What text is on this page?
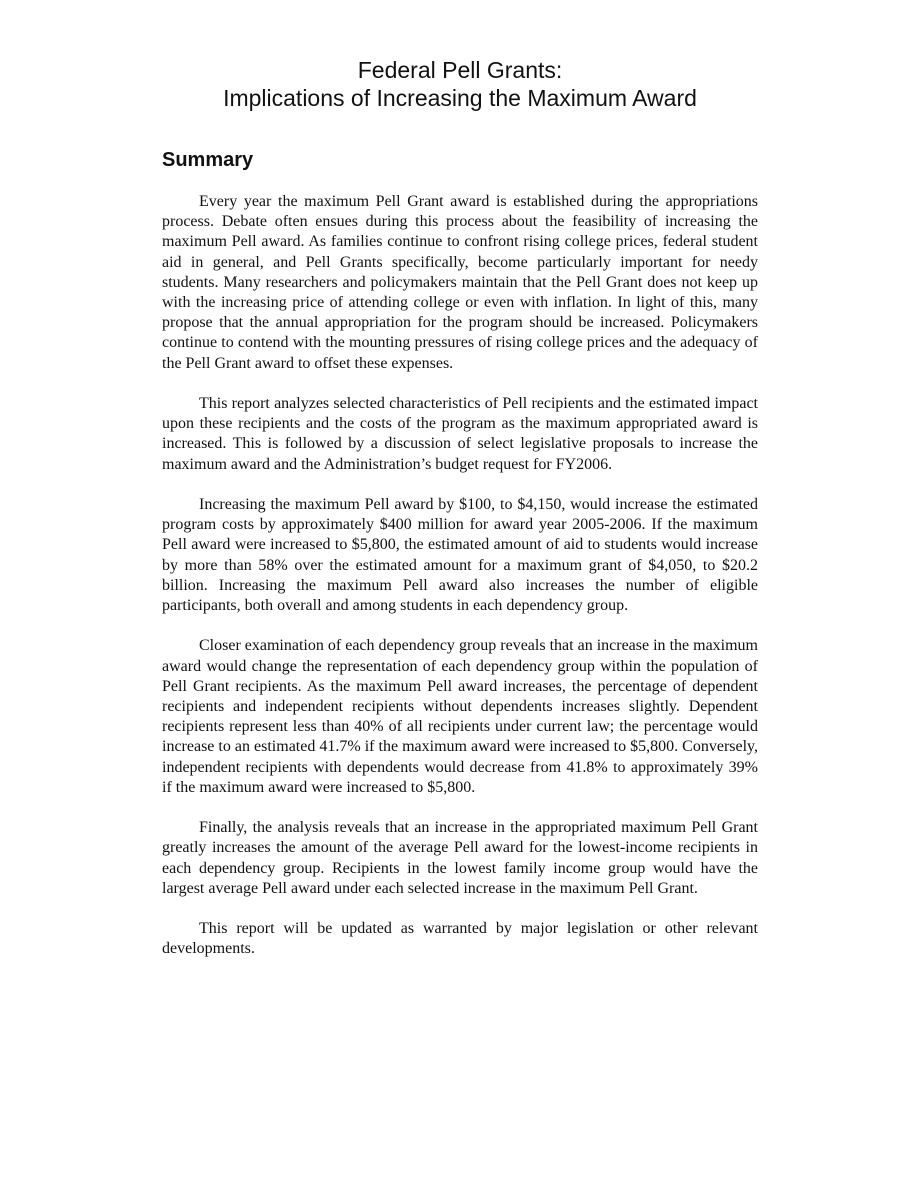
Federal Pell Grants:
Implications of Increasing the Maximum Award
Summary

Every year the maximum Pell Grant award is established during the appropriations process. Debate often ensues during this process about the feasibility of increasing the maximum Pell award. As families continue to confront rising college prices, federal student aid in general, and Pell Grants specifically, become particularly important for needy students. Many researchers and policymakers maintain that the Pell Grant does not keep up with the increasing price of attending college or even with inflation. In light of this, many propose that the annual appropriation for the program should be increased. Policymakers continue to contend with the mounting pressures of rising college prices and the adequacy of the Pell Grant award to offset these expenses.

This report analyzes selected characteristics of Pell recipients and the estimated impact upon these recipients and the costs of the program as the maximum appropriated award is increased. This is followed by a discussion of select legislative proposals to increase the maximum award and the Administration’s budget request for FY2006.

Increasing the maximum Pell award by $100, to $4,150, would increase the estimated program costs by approximately $400 million for award year 2005-2006. If the maximum Pell award were increased to $5,800, the estimated amount of aid to students would increase by more than 58% over the estimated amount for a maximum grant of $4,050, to $20.2 billion. Increasing the maximum Pell award also increases the number of eligible participants, both overall and among students in each dependency group.

Closer examination of each dependency group reveals that an increase in the maximum award would change the representation of each dependency group within the population of Pell Grant recipients. As the maximum Pell award increases, the percentage of dependent recipients and independent recipients without dependents increases slightly. Dependent recipients represent less than 40% of all recipients under current law; the percentage would increase to an estimated 41.7% if the maximum award were increased to $5,800. Conversely, independent recipients with dependents would decrease from 41.8% to approximately 39% if the maximum award were increased to $5,800.

Finally, the analysis reveals that an increase in the appropriated maximum Pell Grant greatly increases the amount of the average Pell award for the lowest-income recipients in each dependency group. Recipients in the lowest family income group would have the largest average Pell award under each selected increase in the maximum Pell Grant.

This report will be updated as warranted by major legislation or other relevant developments.
